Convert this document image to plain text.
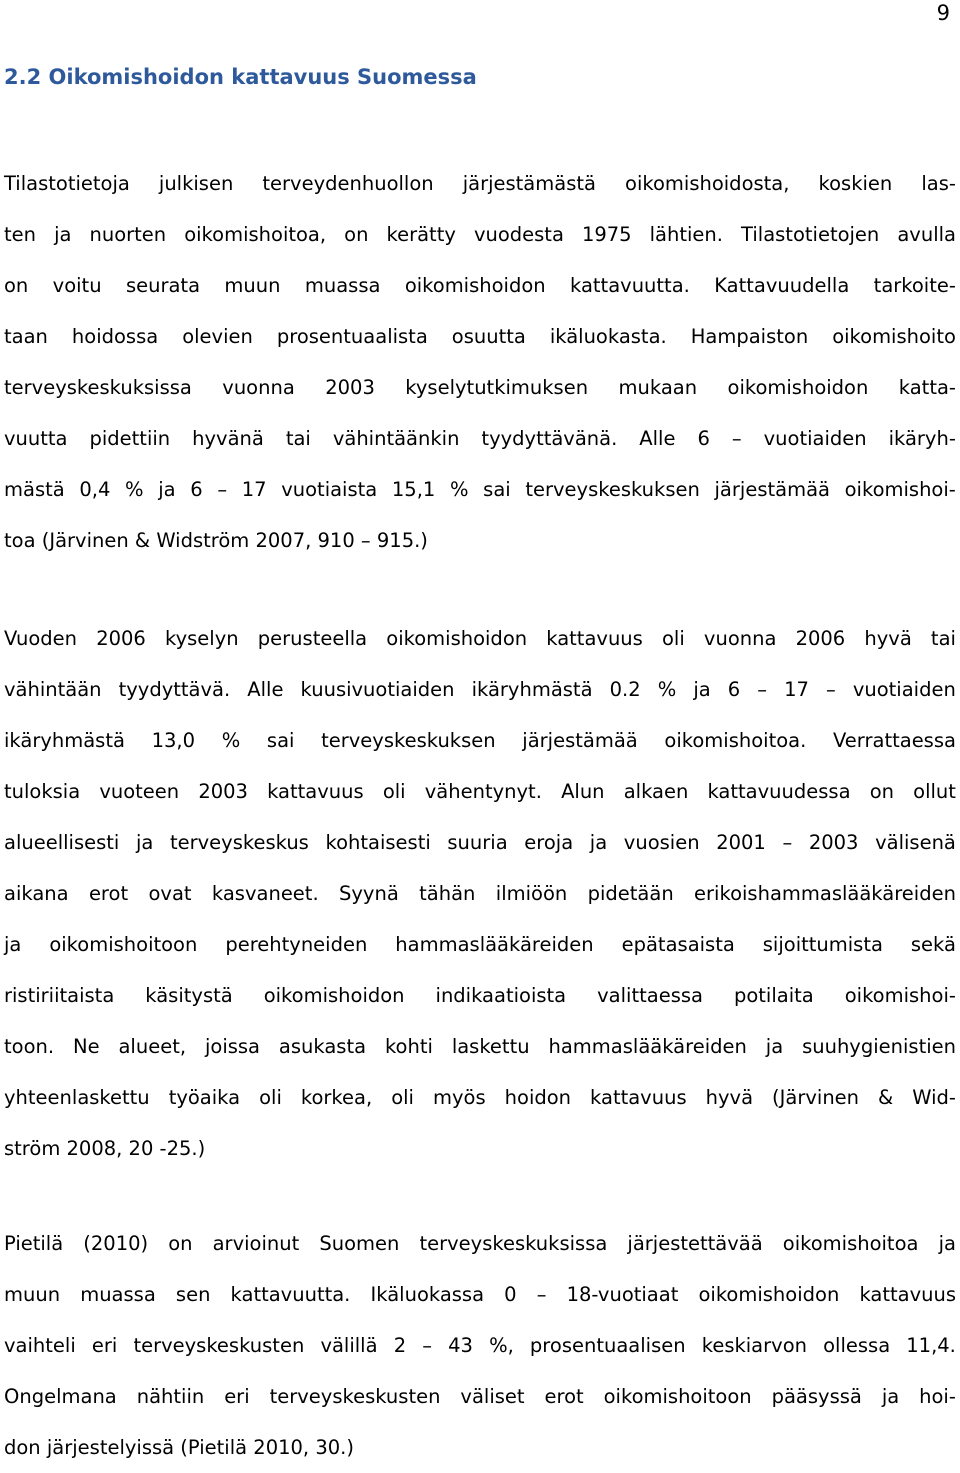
9
2.2 Oikomishoidon kattavuus Suomessa
Tilastotietoja julkisen terveydenhuollon järjestämästä oikomishoidosta, koskien las-
ten ja nuorten oikomishoitoa, on kerätty vuodesta 1975 lähtien. Tilastotietojen avulla
on voitu seurata muun muassa oikomishoidon kattavuutta. Kattavuudella tarkoite-
taan hoidossa olevien prosentuaalista osuutta ikäluokasta. Hampaiston oikomishoito
terveyskeskuksissa vuonna 2003 kyselytutkimuksen mukaan oikomishoidon katta-
vuutta pidettiin hyvänä tai vähintäänkin tyydyttävänä. Alle 6 – vuotiaiden ikäryh-
mästä 0,4 % ja 6 – 17 vuotiaista 15,1 % sai terveyskeskuksen järjestämää oikomishoi-
toa (Järvinen & Widström 2007, 910 – 915.)
Vuoden 2006 kyselyn perusteella oikomishoidon kattavuus oli vuonna 2006 hyvä tai
vähintään tyydyttävä. Alle kuusivuotiaiden ikäryhmästä 0.2 % ja 6 – 17 – vuotiaiden
ikäryhmästä 13,0 % sai terveyskeskuksen järjestämää oikomishoitoa. Verrattaessa
tuloksia vuoteen 2003 kattavuus oli vähentynyt. Alun alkaen kattavuudessa on ollut
alueellisesti ja terveyskeskus kohtaisesti suuria eroja ja vuosien 2001 – 2003 välisenä
aikana erot ovat kasvaneet. Syynä tähän ilmiöön pidetään erikoishammaslääkäreiden
ja oikomishoitoon perehtyneiden hammaslääkäreiden epätasaista sijoittumista sekä
ristiriitaista käsitystä oikomishoidon indikaatioista valittaessa potilaita oikomishoi-
toon. Ne alueet, joissa asukasta kohti laskettu hammaslääkäreiden ja suuhygienistien
yhteenlaskettu työaika oli korkea, oli myös hoidon kattavuus hyvä (Järvinen & Wid-
ström 2008, 20 -25.)
Pietilä (2010) on arvioinut Suomen terveyskeskuksissa järjestettävää oikomishoitoa ja
muun muassa sen kattavuutta. Ikäluokassa 0 – 18-vuotiaat oikomishoidon kattavuus
vaihteli eri terveyskeskusten välillä 2 – 43 %, prosentuaalisen keskiarvon ollessa 11,4.
Ongelmana nähtiin eri terveyskeskusten väliset erot oikomishoitoon pääsyssä ja hoi-
don järjestelyissä (Pietilä 2010, 30.)
